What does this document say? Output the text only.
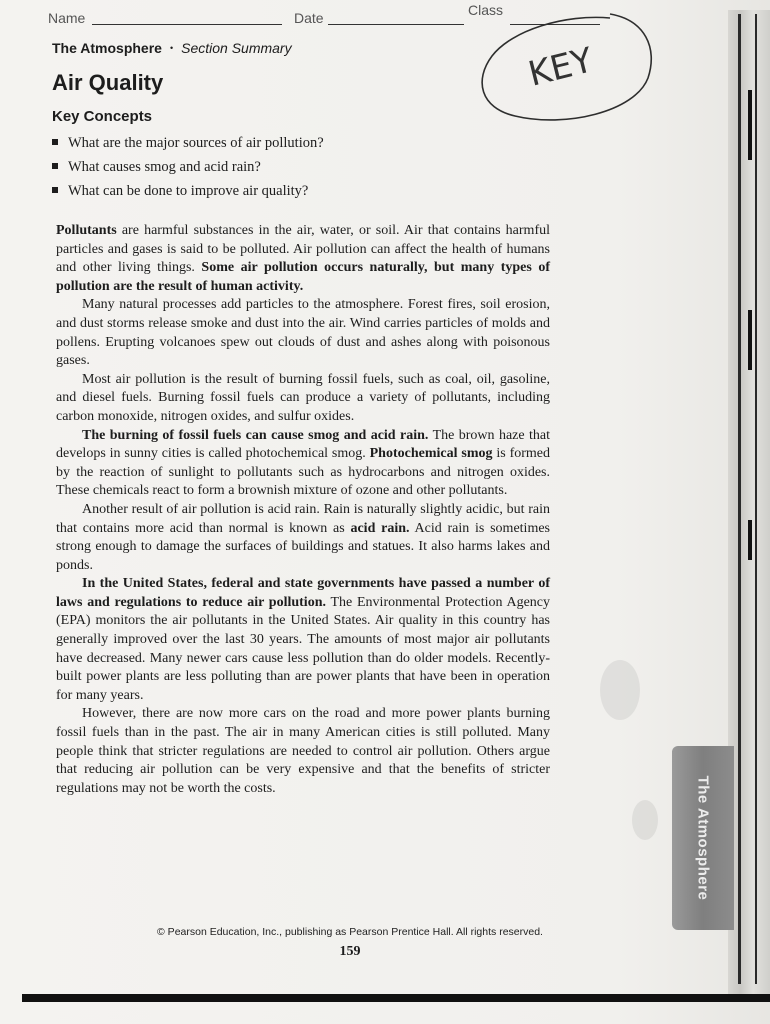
Name	Date	Class
KEY
The Atmosphere • Section Summary
Air Quality
Key Concepts
What are the major sources of air pollution?
What causes smog and acid rain?
What can be done to improve air quality?

Pollutants are harmful substances in the air, water, or soil. Air that contains harmful particles and gases is said to be polluted. Air pollution can affect the health of humans and other living things. Some air pollution occurs naturally, but many types of pollution are the result of human activity.

Many natural processes add particles to the atmosphere. Forest fires, soil erosion, and dust storms release smoke and dust into the air. Wind carries particles of molds and pollens. Erupting volcanoes spew out clouds of dust and ashes along with poisonous gases.

Most air pollution is the result of burning fossil fuels, such as coal, oil, gasoline, and diesel fuels. Burning fossil fuels can produce a variety of pollutants, including carbon monoxide, nitrogen oxides, and sulfur oxides.

The burning of fossil fuels can cause smog and acid rain. The brown haze that develops in sunny cities is called photochemical smog. Photochemical smog is formed by the reaction of sunlight to pollutants such as hydrocarbons and nitrogen oxides. These chemicals react to form a brownish mixture of ozone and other pollutants.

Another result of air pollution is acid rain. Rain is naturally slightly acidic, but rain that contains more acid than normal is known as acid rain. Acid rain is sometimes strong enough to damage the surfaces of buildings and statues. It also harms lakes and ponds.

In the United States, federal and state governments have passed a number of laws and regulations to reduce air pollution. The Environmental Protection Agency (EPA) monitors the air pollutants in the United States. Air quality in this country has generally improved over the last 30 years. The amounts of most major air pollutants have decreased. Many newer cars cause less pollution than do older models. Recently-built power plants are less polluting than are power plants that have been in operation for many years.

However, there are now more cars on the road and more power plants burning fossil fuels than in the past. The air in many American cities is still polluted. Many people think that stricter regulations are needed to control air pollution. Others argue that reducing air pollution can be very expensive and that the benefits of stricter regulations may not be worth the costs.	The Atmosphere
© Pearson Education, Inc., publishing as Pearson Prentice Hall. All rights reserved.
159
